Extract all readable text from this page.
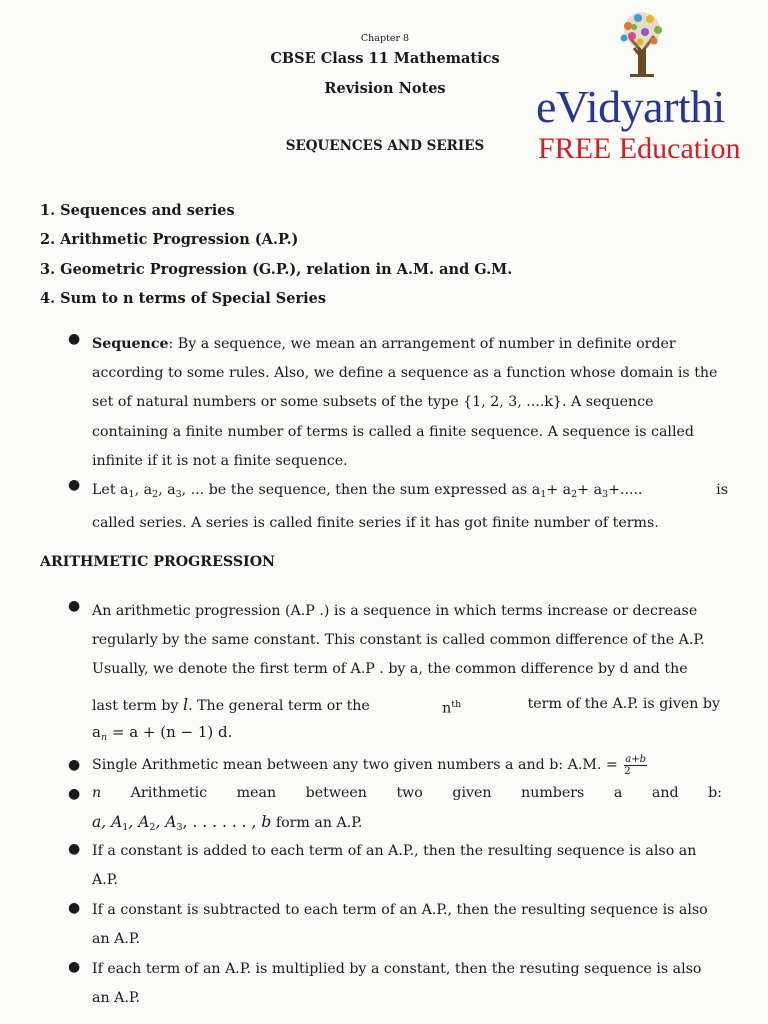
Chapter 8
CBSE Class 11 Mathematics
Revision Notes
SEQUENCES AND SERIES
eVidyarthi
FREE Education
1. Sequences and series
2. Arithmetic Progression (A.P.)
3. Geometric Progression (G.P.), relation in A.M. and G.M.
4. Sum to n terms of Special Series
● Sequence: By a sequence, we mean an arrangement of number in definite order
according to some rules. Also, we define a sequence as a function whose domain is the
set of natural numbers or some subsets of the type {1, 2, 3, ....k}. A sequence
containing a finite number of terms is called a finite sequence. A sequence is called
infinite if it is not a finite sequence.
● Let $a_1$, $a_2$, $a_3$, ... be the sequence, then the sum expressed as $a_1+ a_2+ a_3+$.....	is
called series. A series is called finite series if it has got finite number of terms.
ARITHMETIC PROGRESSION
● An arithmetic progression (A.P .) is a sequence in which terms increase or decrease
regularly by the same constant. This constant is called common difference of the A.P.
Usually, we denote the first term of A.P . by a, the common difference by d and the
last term by l. The general term or the	$n^{th}$	term of the A.P. is given by
$a_n = a + (n - 1)$ d.
● Single Arithmetic mean between any two given numbers a and b: A.M. = $\frac{a+b}{2}$
● n Arithmetic mean between two given numbers a and b:
a, $A_1$, $A_2$, $A_3$, . . . . . . , b form an A.P.
● If a constant is added to each term of an A.P., then the resulting sequence is also an
A.P.
● If a constant is subtracted to each term of an A.P., then the resulting sequence is also
an A.P.
● If each term of an A.P. is multiplied by a constant, then the resuting sequence is also
an A.P.
